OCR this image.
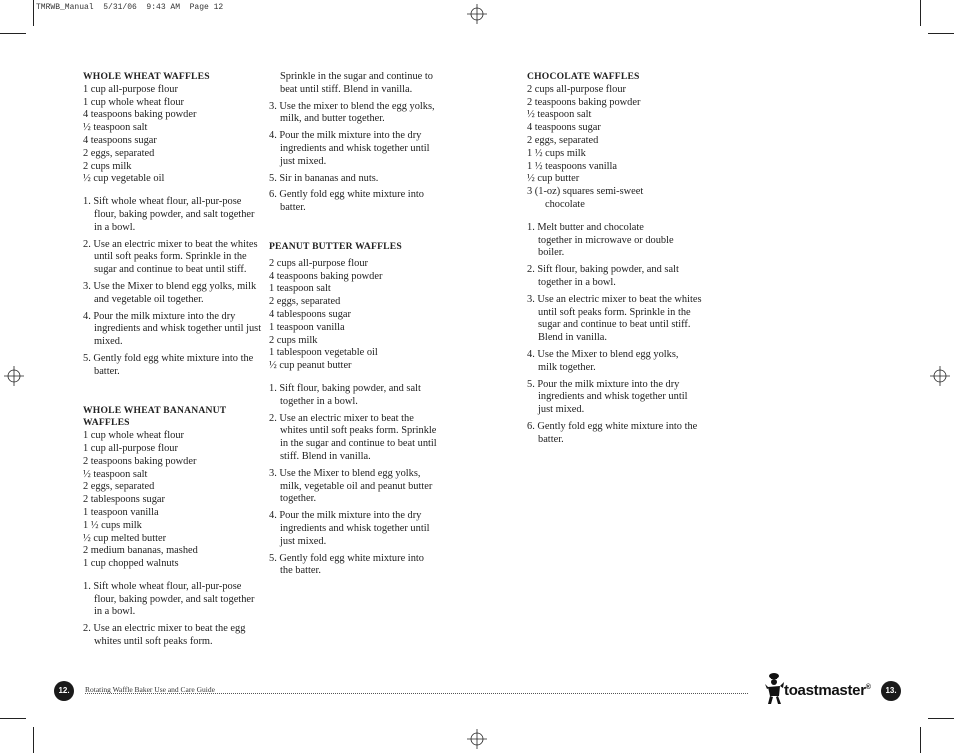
TMRWB_Manual  5/31/06  9:43 AM  Page 12
WHOLE WHEAT WAFFLES
1 cup all-purpose flour
1 cup whole wheat flour
4 teaspoons baking powder
½ teaspoon salt
4 teaspoons sugar
2 eggs, separated
2 cups milk
½ cup vegetable oil
1. Sift whole wheat flour, all-pur-pose flour, baking powder, and salt together in a bowl.
2. Use an electric mixer to beat the whites until soft peaks form. Sprinkle in the sugar and continue to beat until stiff.
3. Use the Mixer to blend egg yolks, milk and vegetable oil together.
4. Pour the milk mixture into the dry ingredients and whisk together until just mixed.
5. Gently fold egg white mixture into the batter.
WHOLE WHEAT BANANANUT WAFFLES
1 cup whole wheat flour
1 cup all-purpose flour
2 teaspoons baking powder
½ teaspoon salt
2 eggs, separated
2 tablespoons sugar
1 teaspoon vanilla
1 ½ cups milk
½ cup melted butter
2 medium bananas, mashed
1 cup chopped walnuts
1. Sift whole wheat flour, all-pur-pose flour, baking powder, and salt together in a bowl.
2. Use an electric mixer to beat the egg whites until soft peaks form.
Sprinkle in the sugar and continue to beat until stiff. Blend in vanilla.
3. Use the mixer to blend the egg yolks, milk, and butter together.
4. Pour the milk mixture into the dry ingredients and whisk together until just mixed.
5. Sir in bananas and nuts.
6. Gently fold egg white mixture into batter.
PEANUT BUTTER WAFFLES
2 cups all-purpose flour
4 teaspoons baking powder
1 teaspoon salt
2 eggs, separated
4 tablespoons sugar
1 teaspoon vanilla
2 cups milk
1 tablespoon vegetable oil
½ cup peanut butter
1. Sift flour, baking powder, and salt together in a bowl.
2. Use an electric mixer to beat the whites until soft peaks form. Sprinkle in the sugar and continue to beat until stiff. Blend in vanilla.
3. Use the Mixer to blend egg yolks, milk, vegetable oil and peanut butter together.
4. Pour the milk mixture into the dry ingredients and whisk together until just mixed.
5. Gently fold egg white mixture into the batter.
CHOCOLATE WAFFLES
2 cups all-purpose flour
2 teaspoons baking powder
½ teaspoon salt
4 teaspoons sugar
2 eggs, separated
1 ½ cups milk
1 ½ teaspoons vanilla
½ cup butter
3 (1-oz) squares semi-sweet chocolate
1. Melt butter and chocolate together in microwave or double boiler.
2. Sift flour, baking powder, and salt together in a bowl.
3. Use an electric mixer to beat the whites until soft peaks form. Sprinkle in the sugar and continue to beat until stiff. Blend in vanilla.
4. Use the Mixer to blend egg yolks, milk together.
5. Pour the milk mixture into the dry ingredients and whisk together until just mixed.
6. Gently fold egg white mixture into the batter.
12.	Rotating Waffle Baker Use and Care Guide	toastmaster®	13.
